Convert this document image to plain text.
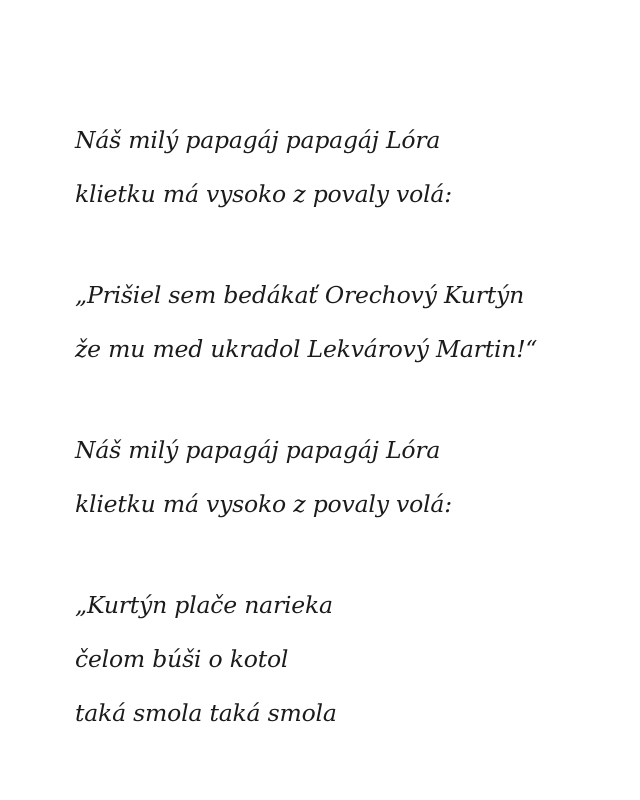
Náš milý papagáj papagáj Lóra
klietku má vysoko z povaly volá:
„Prišiel sem bedákať Orechový Kurtýn
že mu med ukradol Lekvárový Martin!“
Náš milý papagáj papagáj Lóra
klietku má vysoko z povaly volá:
„Kurtýn plače narieka
čelom búši o kotol
taká smola taká smola
